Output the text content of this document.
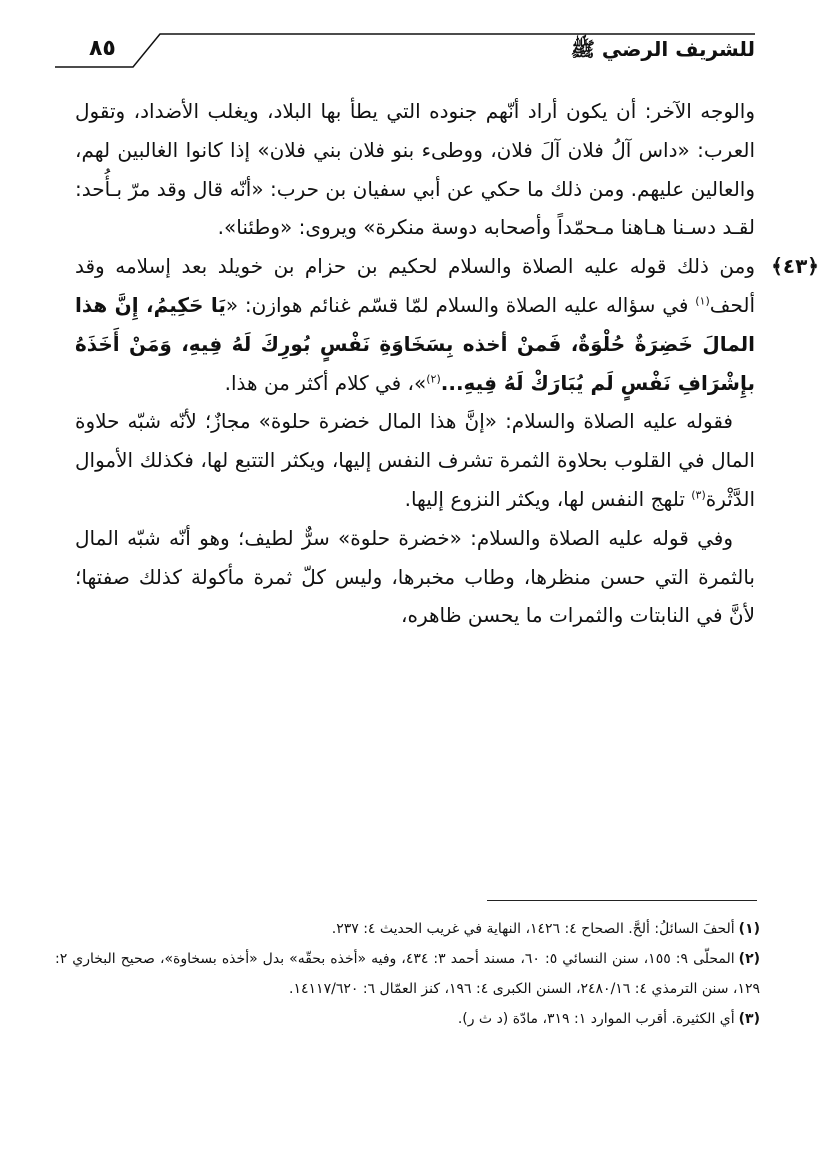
٨٥	للشريف الرضي ﷺ

والوجه الآخر: أن يكون أراد أنّهم جنوده التي يطأ بها البلاد، ويغلب الأضداد، وتقول العرب: «داس آلُ فلان آلَ فلان، ووطىء بنو فلان بني فلان» إذا كانوا الغالبين لهم، والعالين عليهم. ومن ذلك ما حكي عن أبي سفيان بن حرب: «أنّه قال وقد مرّ بـأُحد: لقـد دسـنا هـاهنا مـحمّداً وأصحابه دوسة منكرة» ويروى: «وطئنا».

﴿٤٣﴾

ومن ذلك قوله عليه الصلاة والسلام لحكيم بن حزام بن خويلد بعد إسلامه وقد ألحف$^{(١)}$ في سؤاله عليه الصلاة والسلام لمّا قسّم غنائم هوازن: «يَا حَكِيمُ، إِنَّ هذا المالَ خَضِرَةٌ حُلْوَةٌ، فَمنْ أخذه بِسَخَاوَةِ نَفْسٍ بُورِكَ لَهُ فِيهِ، وَمَنْ أَخَذَهُ بإِشْرَافِ نَفْسٍ لَم يُبَارَكْ لَهُ فِيهِ...$^{(٢)}$»، في كلام أكثر من هذا.

فقوله عليه الصلاة والسلام: «إنَّ هذا المال خضرة حلوة» مجازٌ؛ لأنّه شبّه حلاوة المال في القلوب بحلاوة الثمرة تشرف النفس إليها، ويكثر التتبع لها، فكذلك الأموال الدَّثْرة$^{(٣)}$ تلهج النفس لها، ويكثر النزوع إليها.

وفي قوله عليه الصلاة والسلام: «خضرة حلوة» سرٌّ لطيف؛ وهو أنّه شبّه المال بالثمرة التي حسن منظرها، وطاب مخبرها، وليس كلّ ثمرة مأكولة كذلك صفتها؛ لأنَّ في النابتات والثمرات ما يحسن ظاهره،

(١)ألحفَ السائلُ: ألحَّ. الصحاح ٤: ١٤٢٦، النهاية في غريب الحديث ٤: ٢٣٧.

(٢)المحلّى ٩: ١٥٥، سنن النسائي ٥: ٦٠، مسند أحمد ٣: ٤٣٤، وفيه «أخذه بحقّه» بدل «أخذه بسخاوة»، صحيح البخاري ٢: ١٢٩، سنن الترمذي ٤: ٢٤٨٠/١٦، السنن الكبرى ٤: ١٩٦، كنز العمّال ٦: ١٤١١٧/٦٢٠.

(٣)أي الكثيرة. أقرب الموارد ١: ٣١٩، مادّة (د ث ر).
